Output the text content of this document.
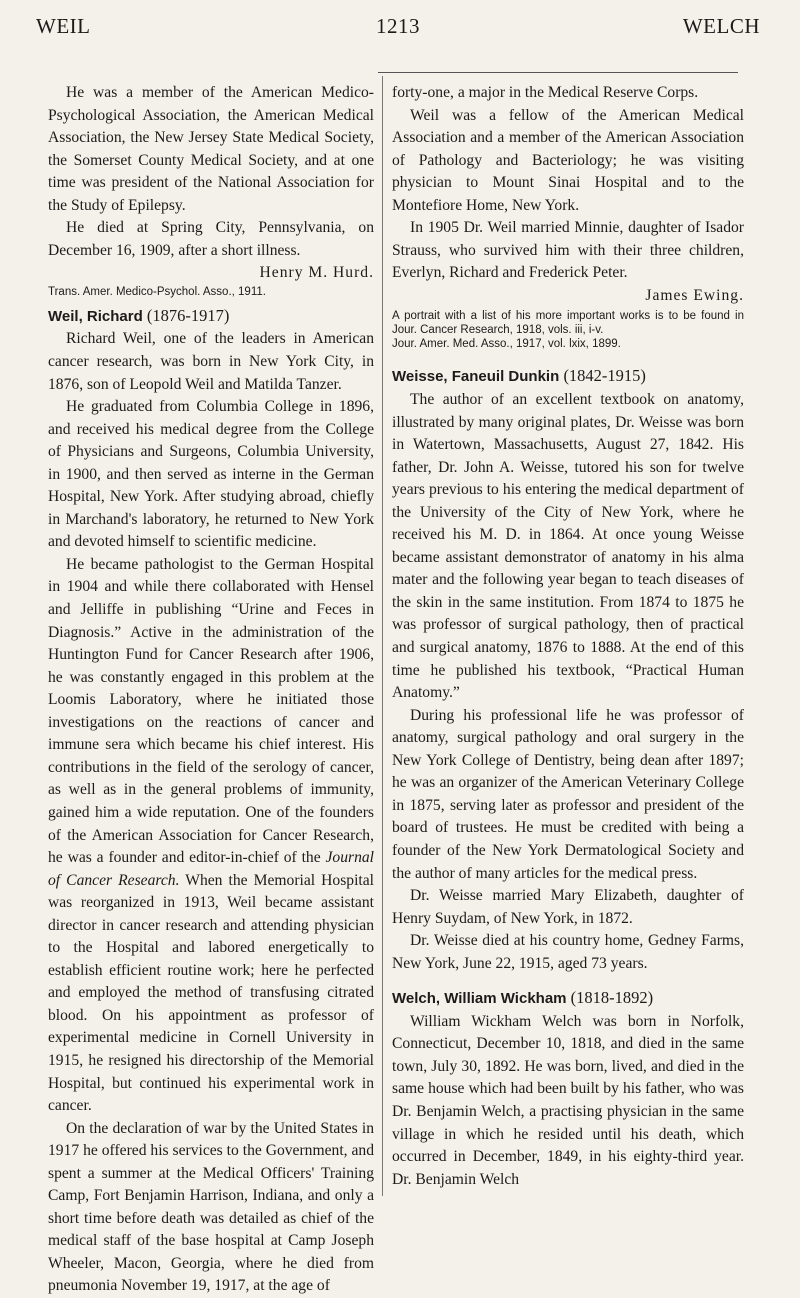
WEIL	1213	WELCH

He was a member of the American Medico-Psychological Association, the American Medical Association, the New Jersey State Medical Society, the Somerset County Medical Society, and at one time was president of the National Association for the Study of Epilepsy.

He died at Spring City, Pennsylvania, on December 16, 1909, after a short illness.

Henry M. Hurd.

Trans. Amer. Medico-Psychol. Asso., 1911.

Weil, Richard (1876-1917)

Richard Weil, one of the leaders in American cancer research, was born in New York City, in 1876, son of Leopold Weil and Matilda Tanzer.

He graduated from Columbia College in 1896, and received his medical degree from the College of Physicians and Surgeons, Columbia University, in 1900, and then served as interne in the German Hospital, New York. After studying abroad, chiefly in Marchand's laboratory, he returned to New York and devoted himself to scientific medicine.

He became pathologist to the German Hospital in 1904 and while there collaborated with Hensel and Jelliffe in publishing “Urine and Feces in Diagnosis.” Active in the administration of the Huntington Fund for Cancer Research after 1906, he was constantly engaged in this problem at the Loomis Laboratory, where he initiated those investigations on the reactions of cancer and immune sera which became his chief interest. His contributions in the field of the serology of cancer, as well as in the general problems of immunity, gained him a wide reputation. One of the founders of the American Association for Cancer Research, he was a founder and editor-in-chief of the Journal of Cancer Research. When the Memorial Hospital was reorganized in 1913, Weil became assistant director in cancer research and attending physician to the Hospital and labored energetically to establish efficient routine work; here he perfected and employed the method of transfusing citrated blood. On his appointment as professor of experimental medicine in Cornell University in 1915, he resigned his directorship of the Memorial Hospital, but continued his experimental work in cancer.

On the declaration of war by the United States in 1917 he offered his services to the Government, and spent a summer at the Medical Officers' Training Camp, Fort Benjamin Harrison, Indiana, and only a short time before death was detailed as chief of the medical staff of the base hospital at Camp Joseph Wheeler, Macon, Georgia, where he died from pneumonia November 19, 1917, at the age of

forty-one, a major in the Medical Reserve Corps.

Weil was a fellow of the American Medical Association and a member of the American Association of Pathology and Bacteriology; he was visiting physician to Mount Sinai Hospital and to the Montefiore Home, New York.

In 1905 Dr. Weil married Minnie, daughter of Isador Strauss, who survived him with their three children, Everlyn, Richard and Frederick Peter.

James Ewing.

A portrait with a list of his more important works is to be found in Jour. Cancer Research, 1918, vols. iii, i-v.

Jour. Amer. Med. Asso., 1917, vol. lxix, 1899.

Weisse, Faneuil Dunkin (1842-1915)

The author of an excellent textbook on anatomy, illustrated by many original plates, Dr. Weisse was born in Watertown, Massachusetts, August 27, 1842. His father, Dr. John A. Weisse, tutored his son for twelve years previous to his entering the medical department of the University of the City of New York, where he received his M. D. in 1864. At once young Weisse became assistant demonstrator of anatomy in his alma mater and the following year began to teach diseases of the skin in the same institution. From 1874 to 1875 he was professor of surgical pathology, then of practical and surgical anatomy, 1876 to 1888. At the end of this time he published his textbook, “Practical Human Anatomy.”

During his professional life he was professor of anatomy, surgical pathology and oral surgery in the New York College of Dentistry, being dean after 1897; he was an organizer of the American Veterinary College in 1875, serving later as professor and president of the board of trustees. He must be credited with being a founder of the New York Dermatological Society and the author of many articles for the medical press.

Dr. Weisse married Mary Elizabeth, daughter of Henry Suydam, of New York, in 1872.

Dr. Weisse died at his country home, Gedney Farms, New York, June 22, 1915, aged 73 years.

Welch, William Wickham (1818-1892)

William Wickham Welch was born in Norfolk, Connecticut, December 10, 1818, and died in the same town, July 30, 1892. He was born, lived, and died in the same house which had been built by his father, who was Dr. Benjamin Welch, a practising physician in the same village in which he resided until his death, which occurred in December, 1849, in his eighty-third year. Dr. Benjamin Welch
